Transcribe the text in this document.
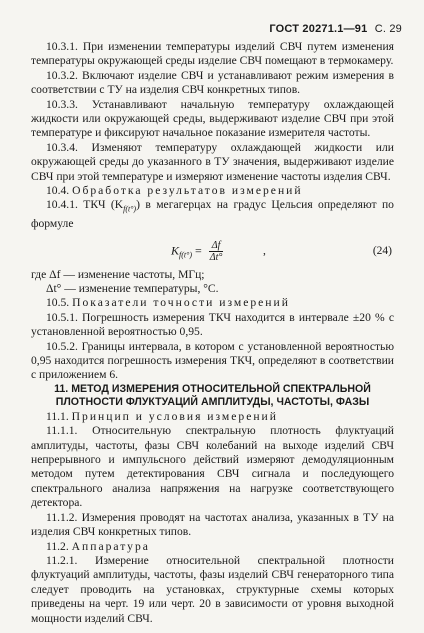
ГОСТ 20271.1—91 С. 29

10.3.1. При изменении температуры изделий СВЧ путем изменения температуры окружающей среды изделие СВЧ помещают в термокамеру.

10.3.2. Включают изделие СВЧ и устанавливают режим измерения в соответствии с ТУ на изделия СВЧ конкретных типов.

10.3.3. Устанавливают начальную температуру охлаждающей жидкости или окружающей среды, выдерживают изделие СВЧ при этой температуре и фиксируют начальное показание измерителя частоты.

10.3.4. Изменяют температуру охлаждающей жидкости или окружающей среды до указанного в ТУ значения, выдерживают изделие СВЧ при этой температуре и измеряют изменение частоты изделия СВЧ.

10.4. Обработка результатов измерений

10.4.1. ТКЧ $(K_{f(t^\circ)})$ в мегагерцах на градус Цельсия определяют по формуле

$K_{f(t^\circ)} = \frac{\Delta f}{\Delta t^\circ}$	,	(24)

где Δf — изменение частоты, МГц;

Δt° — изменение температуры, °С.

10.5. Показатели точности измерений

10.5.1. Погрешность измерения ТКЧ находится в интервале ±20 % с установленной вероятностью 0,95.

10.5.2. Границы интервала, в котором с установленной вероятностью 0,95 находится погрешность измерения ТКЧ, определяют в соответствии с приложением 6.

11. МЕТОД ИЗМЕРЕНИЯ ОТНОСИТЕЛЬНОЙ СПЕКТРАЛЬНОЙ ПЛОТНОСТИ ФЛУКТУАЦИЙ АМПЛИТУДЫ, ЧАСТОТЫ, ФАЗЫ

11.1. Принцип и условия измерений

11.1.1. Относительную спектральную плотность флуктуаций амплитуды, частоты, фазы СВЧ колебаний на выходе изделий СВЧ непрерывного и импульсного действий измеряют демодуляционным методом путем детектирования СВЧ сигнала и последующего спектрального анализа напряжения на нагрузке соответствующего детектора.

11.1.2. Измерения проводят на частотах анализа, указанных в ТУ на изделия СВЧ конкретных типов.

11.2. Аппаратура

11.2.1. Измерение относительной спектральной плотности флуктуаций амплитуды, частоты, фазы изделий СВЧ генераторного типа следует проводить на установках, структурные схемы которых приведены на черт. 19 или черт. 20 в зависимости от уровня выходной мощности изделий СВЧ.
